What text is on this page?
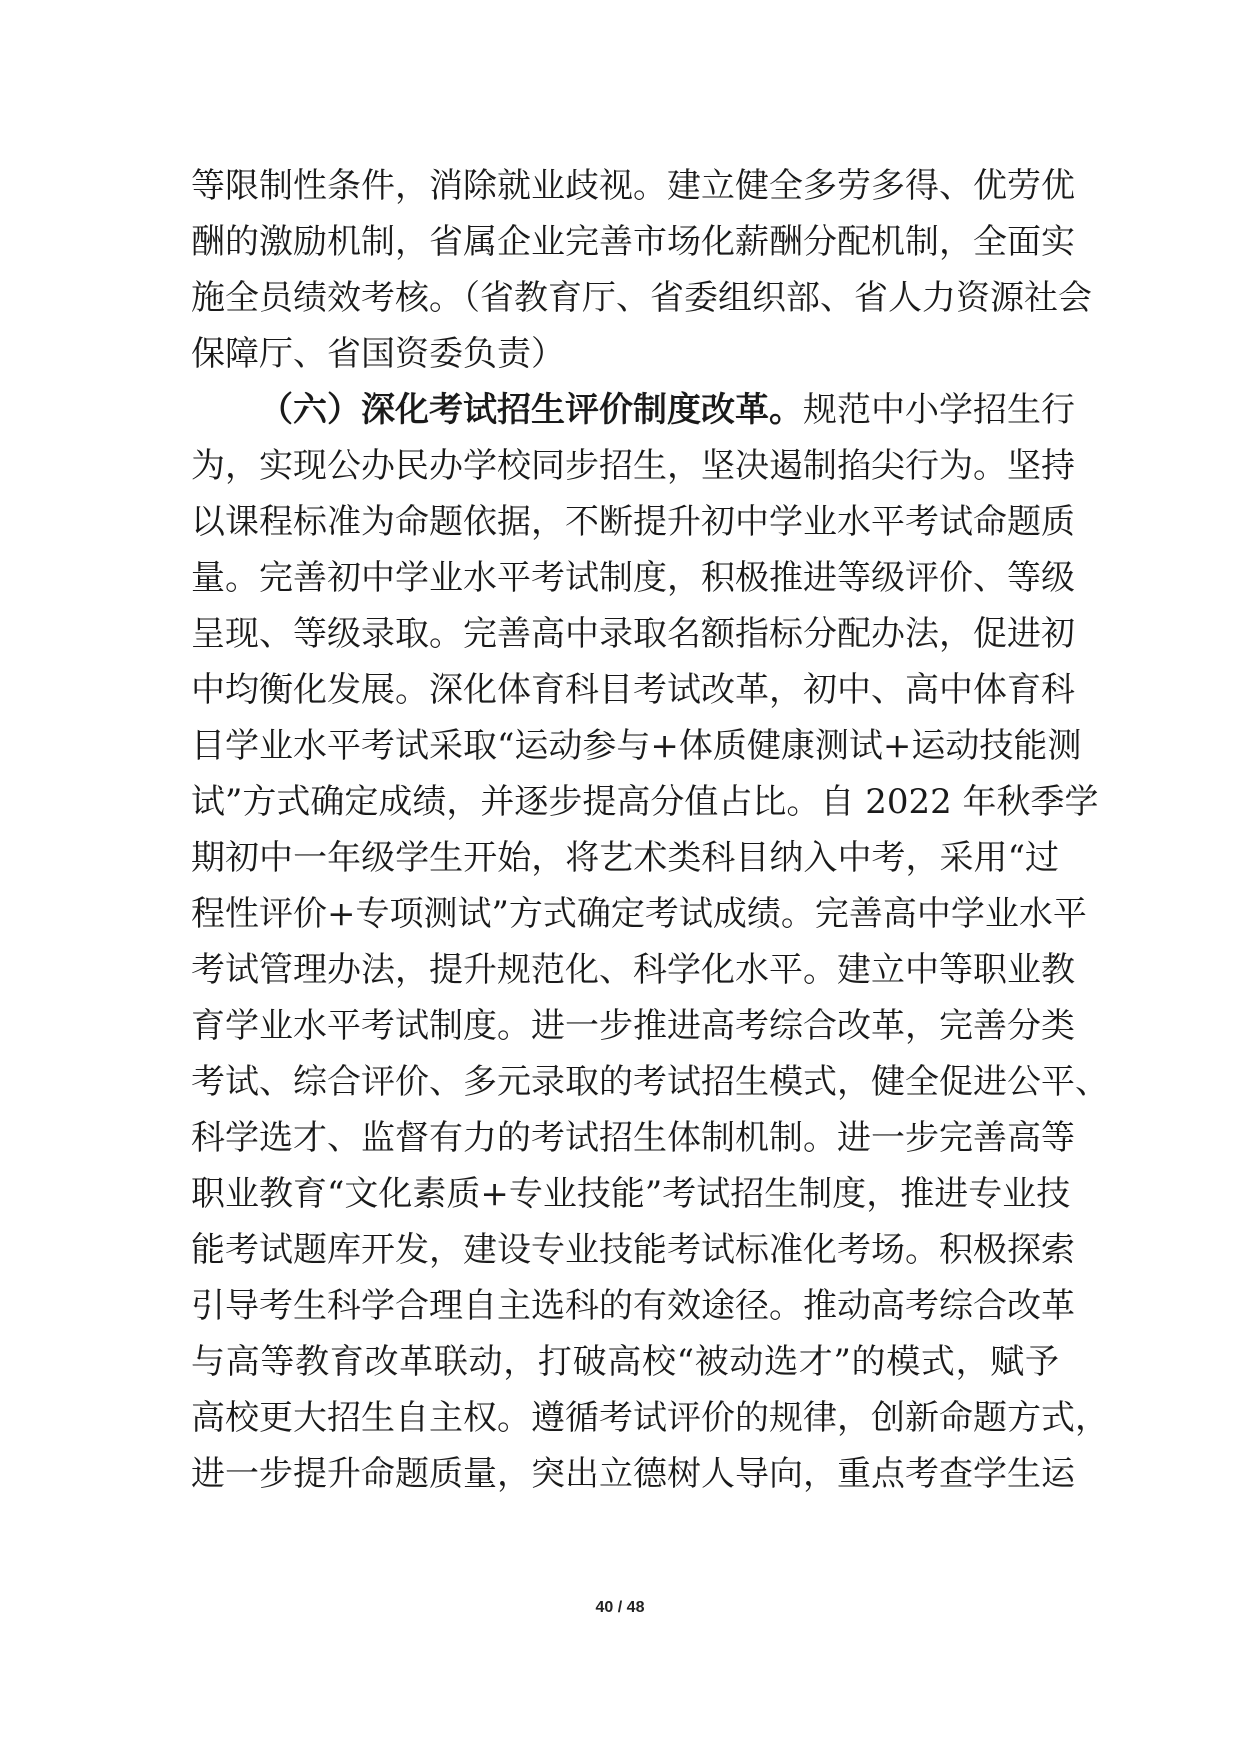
等限制性条件，消除就业歧视。建立健全多劳多得、优劳优
酬的激励机制，省属企业完善市场化薪酬分配机制，全面实
施全员绩效考核。（省教育厅、省委组织部、省人力资源社会
保障厅、省国资委负责）
（六）深化考试招生评价制度改革。规范中小学招生行
为，实现公办民办学校同步招生，坚决遏制掐尖行为。坚持
以课程标准为命题依据，不断提升初中学业水平考试命题质
量。完善初中学业水平考试制度，积极推进等级评价、等级
呈现、等级录取。完善高中录取名额指标分配办法，促进初
中均衡化发展。深化体育科目考试改革，初中、高中体育科
目学业水平考试采取“运动参与+体质健康测试+运动技能测
试”方式确定成绩，并逐步提高分值占比。自 2022 年秋季学
期初中一年级学生开始，将艺术类科目纳入中考，采用“过
程性评价+专项测试”方式确定考试成绩。完善高中学业水平
考试管理办法，提升规范化、科学化水平。建立中等职业教
育学业水平考试制度。进一步推进高考综合改革，完善分类
考试、综合评价、多元录取的考试招生模式，健全促进公平、
科学选才、监督有力的考试招生体制机制。进一步完善高等
职业教育“文化素质+专业技能”考试招生制度，推进专业技
能考试题库开发，建设专业技能考试标准化考场。积极探索
引导考生科学合理自主选科的有效途径。推动高考综合改革
与高等教育改革联动，打破高校“被动选才”的模式，赋予
高校更大招生自主权。遵循考试评价的规律，创新命题方式，
进一步提升命题质量，突出立德树人导向，重点考查学生运
40 / 48
